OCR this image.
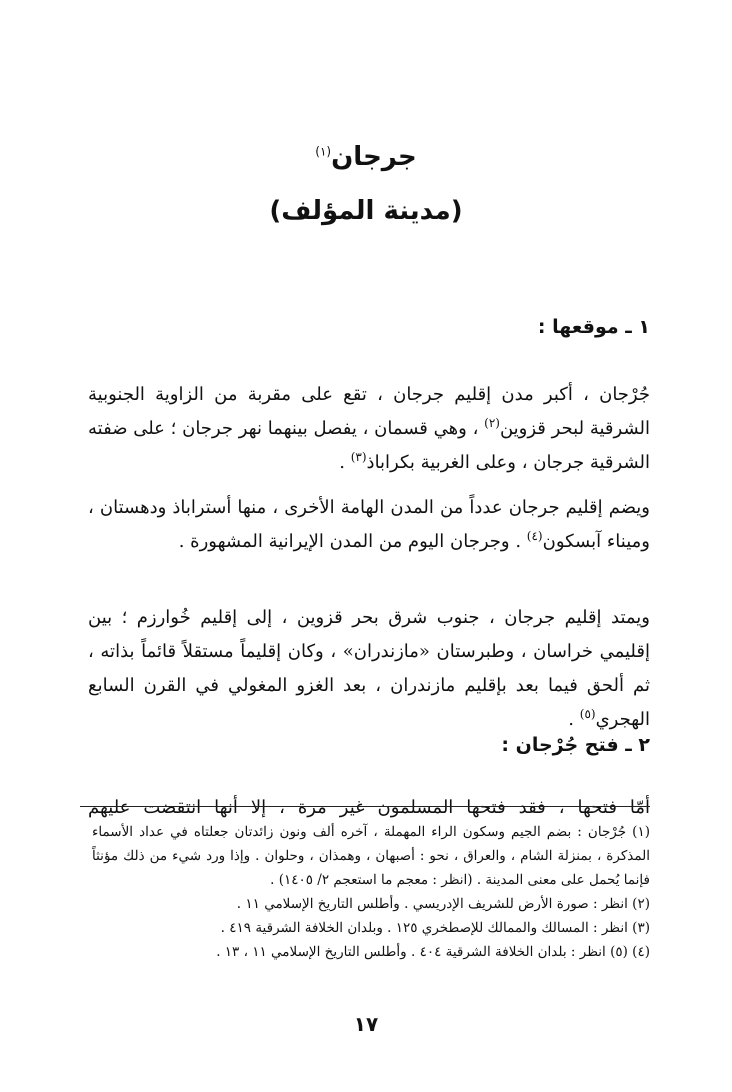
جرجان$^{(١)}$
(مدينة المؤلف)
١ ـ موقعها :

جُرْجان ، أكبر مدن إقليم جرجان ، تقع على مقربة من الزاوية الجنوبية الشرقية لبحر قزوين$^{(٢)}$ ، وهي قسمان ، يفصل بينهما نهر جرجان ؛ على ضفته الشرقية جرجان ، وعلى الغربية بكراباذ$^{(٣)}$ .

ويضم إقليم جرجان عدداً من المدن الهامة الأخرى ، منها أستراباذ ودهستان ، وميناء آبسكون$^{(٤)}$ . وجرجان اليوم من المدن الإيرانية المشهورة .

ويمتد إقليم جرجان ، جنوب شرق بحر قزوين ، إلى إقليم خُوارزم ؛ بين إقليمي خراسان ، وطبرستان «مازندران» ، وكان إقليماً مستقلاً قائماً بذاته ، ثم ألحق فيما بعد بإقليم مازندران ، بعد الغزو المغولي في القرن السابع الهجري$^{(٥)}$ .

٢ ـ فتح جُرْجان :

أمّا فتحها ، فقد فتحها المسلمون غير مرة ، إلا أنها انتقضت عليهم

(١) جُرْجان : بضم الجيم وسكون الراء المهملة ، آخره ألف ونون زائدتان جعلتاه في عداد الأسماء المذكرة ، بمنزلة الشام ، والعراق ، نحو : أصبهان ، وهمذان ، وحلوان . وإذا ورد شيء من ذلك مؤنثاً فإنما يُحمل على معنى المدينة . (انظر : معجم ما استعجم ٢/ ١٤٠٥) .
(٢) انظر : صورة الأرض للشريف الإدريسي . وأطلس التاريخ الإسلامي ١١ .
(٣) انظر : المسالك والممالك للإصطخري ١٢٥ . وبلدان الخلافة الشرقية ٤١٩ .
(٤) (٥) انظر : بلدان الخلافة الشرقية ٤٠٤ . وأطلس التاريخ الإسلامي ١١ ، ١٣ .
١٧
